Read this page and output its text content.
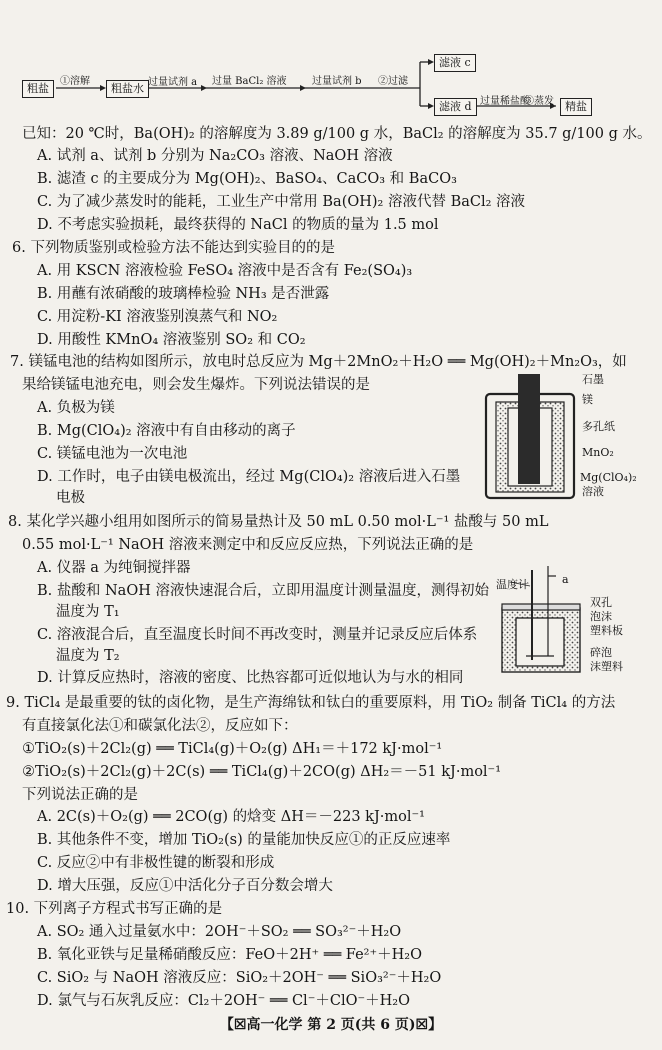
粗盐
①溶解
粗盐水 过量试剂 a 过量 BaCl₂ 溶液	过量试剂 b ②过滤
滤液 c
滤液 d 过量稀盐酸
③蒸发	精盐
已知：20 ℃时，Ba(OH)₂ 的溶解度为 3.89 g/100 g 水，BaCl₂ 的溶解度为 35.7 g/100 g 水。
A. 试剂 a、试剂 b 分别为 Na₂CO₃ 溶液、NaOH 溶液
B. 滤渣 c 的主要成分为 Mg(OH)₂、BaSO₄、CaCO₃ 和 BaCO₃
C. 为了减少蒸发时的能耗，工业生产中常用 Ba(OH)₂ 溶液代替 BaCl₂ 溶液
D. 不考虑实验损耗，最终获得的 NaCl 的物质的量为 1.5 mol
6. 下列物质鉴别或检验方法不能达到实验目的的是
A. 用 KSCN 溶液检验 FeSO₄ 溶液中是否含有 Fe₂(SO₄)₃
B. 用蘸有浓硝酸的玻璃棒检验 NH₃ 是否泄露
C. 用淀粉-KI 溶液鉴别溴蒸气和 NO₂
D. 用酸性 KMnO₄ 溶液鉴别 SO₂ 和 CO₂
7. 镁锰电池的结构如图所示，放电时总反应为 Mg＋2MnO₂＋H₂O ══ Mg(OH)₂＋Mn₂O₃，如
果给镁锰电池充电，则会发生爆炸。下列说法错误的是
A. 负极为镁
B. Mg(ClO₄)₂ 溶液中有自由移动的离子
C. 镁锰电池为一次电池
D. 工作时，电子由镁电极流出，经过 Mg(ClO₄)₂ 溶液后进入石墨
电极
石墨
镁
多孔纸
MnO₂
Mg(ClO₄)₂
溶液
8. 某化学兴趣小组用如图所示的简易量热计及 50 mL 0.50 mol·L⁻¹ 盐酸与 50 mL
0.55 mol·L⁻¹ NaOH 溶液来测定中和反应反应热，下列说法正确的是
A. 仪器 a 为纯铜搅拌器
B. 盐酸和 NaOH 溶液快速混合后，立即用温度计测量温度，测得初始
温度为 T₁
C. 溶液混合后，直至温度长时间不再改变时，测量并记录反应后体系
温度为 T₂
D. 计算反应热时，溶液的密度、比热容都可近似地认为与水的相同
温度计	a
双孔
泡沫
塑料板
碎泡
沫塑料
9. TiCl₄ 是最重要的钛的卤化物，是生产海绵钛和钛白的重要原料，用 TiO₂ 制备 TiCl₄ 的方法
有直接氯化法①和碳氯化法②，反应如下：
①TiO₂(s)＋2Cl₂(g) ══ TiCl₄(g)＋O₂(g) ΔH₁＝＋172 kJ·mol⁻¹
②TiO₂(s)＋2Cl₂(g)＋2C(s) ══ TiCl₄(g)＋2CO(g) ΔH₂＝－51 kJ·mol⁻¹
下列说法正确的是
A. 2C(s)＋O₂(g) ══ 2CO(g) 的焓变 ΔH＝－223 kJ·mol⁻¹
B. 其他条件不变，增加 TiO₂(s) 的量能加快反应①的正反应速率
C. 反应②中有非极性键的断裂和形成
D. 增大压强，反应①中活化分子百分数会增大
10. 下列离子方程式书写正确的是
A. SO₂ 通入过量氨水中：2OH⁻＋SO₂ ══ SO₃²⁻＋H₂O
B. 氧化亚铁与足量稀硝酸反应：FeO＋2H⁺ ══ Fe²⁺＋H₂O
C. SiO₂ 与 NaOH 溶液反应：SiO₂＋2OH⁻ ══ SiO₃²⁻＋H₂O
D. 氯气与石灰乳反应：Cl₂＋2OH⁻ ══ Cl⁻＋ClO⁻＋H₂O
【☒高一化学 第 2 页(共 6 页)☒】
